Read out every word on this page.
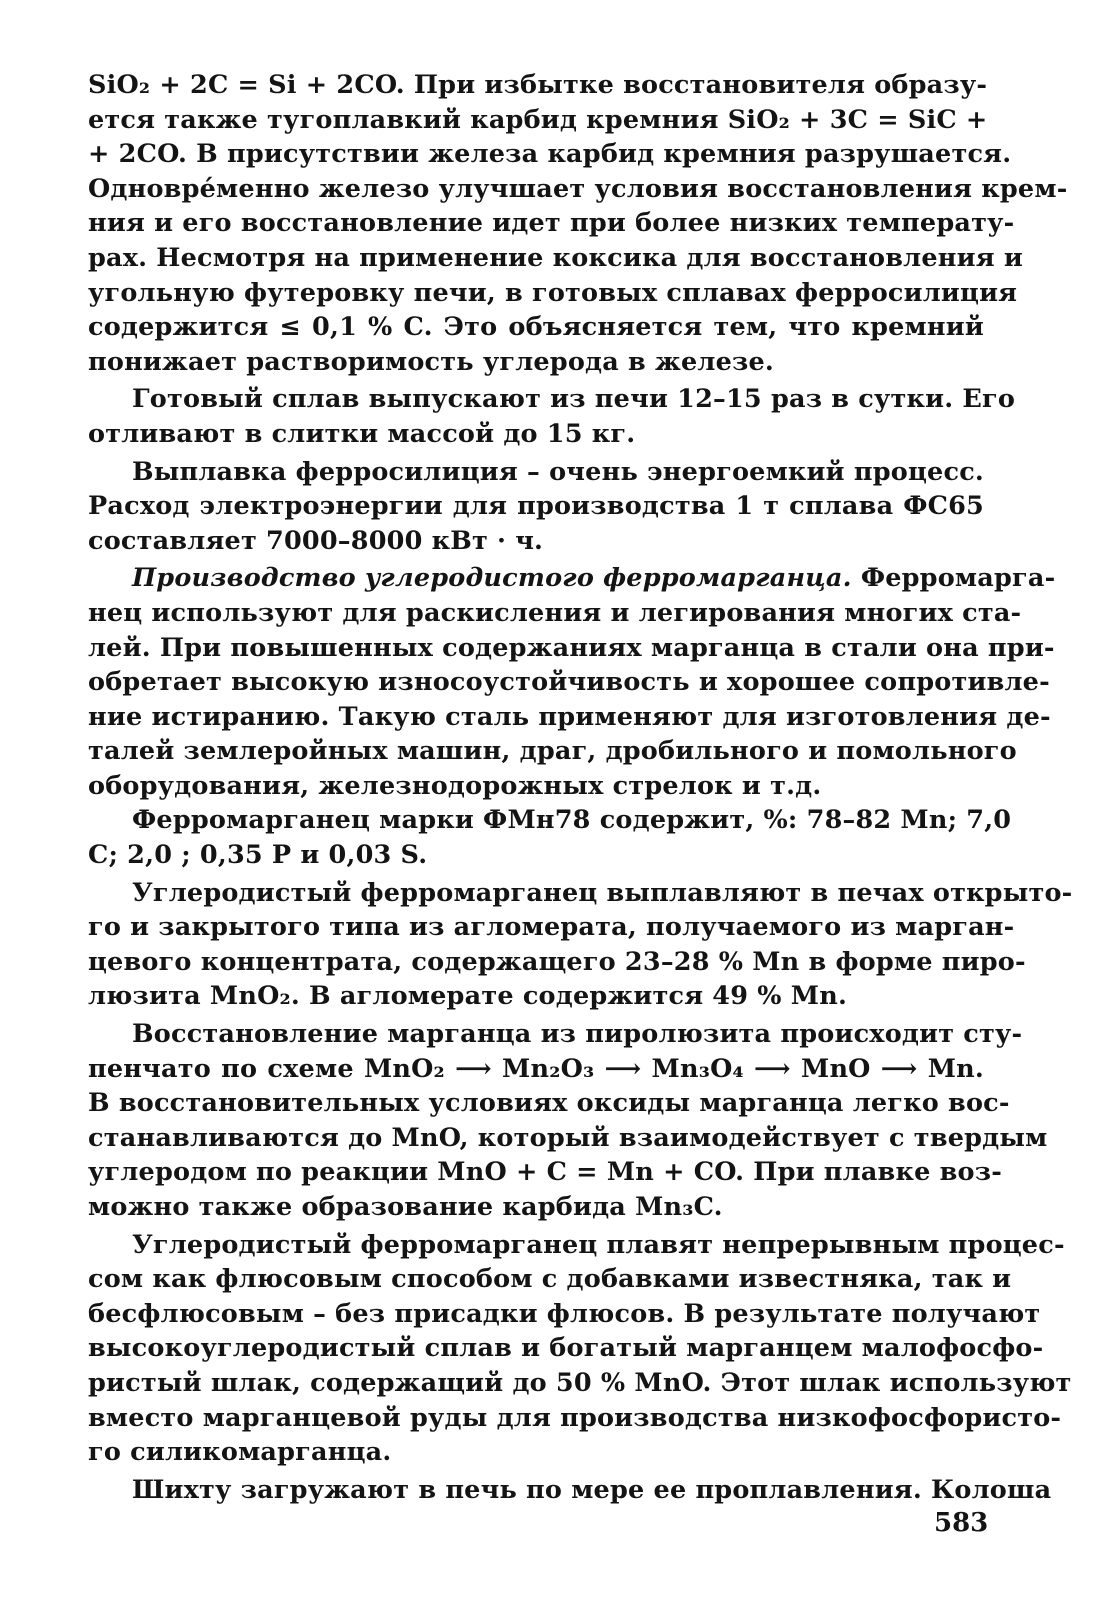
SiO₂ + 2C = Si + 2CO. При избытке восстановителя образу-
ется также тугоплавкий карбид кремния SiO₂ + 3C = SiC +
+ 2CO. В присутствии железа карбид кремния разрушается.
Одновре́менно железо улучшает условия восстановления крем-
ния и его восстановление идет при более низких температу-
рах. Несмотря на применение коксика для восстановления и
угольную футеровку печи, в готовых сплавах ферросилиция
содержится ≤ 0,1 % C. Это объясняется тем, что кремний
понижает растворимость углерода в железе.
Готовый сплав выпускают из печи 12–15 раз в сутки. Его
отливают в слитки массой до 15 кг.
Выплавка ферросилиция – очень энергоемкий процесс.
Расход электроэнергии для производства 1 т сплава ФС65
составляет 7000–8000 кВт · ч.
Производство углеродистого ферромарганца. Ферромарга-
нец используют для раскисления и легирования многих ста-
лей. При повышенных содержаниях марганца в стали она при-
обретает высокую износоустойчивость и хорошее сопротивле-
ние истиранию. Такую сталь применяют для изготовления де-
талей землеройных машин, драг, дробильного и помольного
оборудования, железнодорожных стрелок и т.д.
Ферромарганец марки ФМн78 содержит, %: 78–82 Mn; 7,0
C; 2,0 ; 0,35 P и 0,03 S.
Углеродистый ферромарганец выплавляют в печах открыто-
го и закрытого типа из агломерата, получаемого из марган-
цевого концентрата, содержащего 23–28 % Mn в форме пиро-
люзита MnO₂. В агломерате содержится 49 % Mn.
Восстановление марганца из пиролюзита происходит сту-
пенчато по схеме MnO₂ ⟶ Mn₂O₃ ⟶ Mn₃O₄ ⟶ MnO ⟶ Mn.
В восстановительных условиях оксиды марганца легко вос-
станавливаются до MnO, который взаимодействует с твердым
углеродом по реакции MnO + C = Mn + CO. При плавке воз-
можно также образование карбида Mn₃C.
Углеродистый ферромарганец плавят непрерывным процес-
сом как флюсовым способом с добавками известняка, так и
бесфлюсовым – без присадки флюсов. В результате получают
высокоуглеродистый сплав и богатый марганцем малофосфо-
ристый шлак, содержащий до 50 % MnO. Этот шлак используют
вместо марганцевой руды для производства низкофосфористо-
го силикомарганца.
Шихту загружают в печь по мере ее проплавления. Колоша
583
